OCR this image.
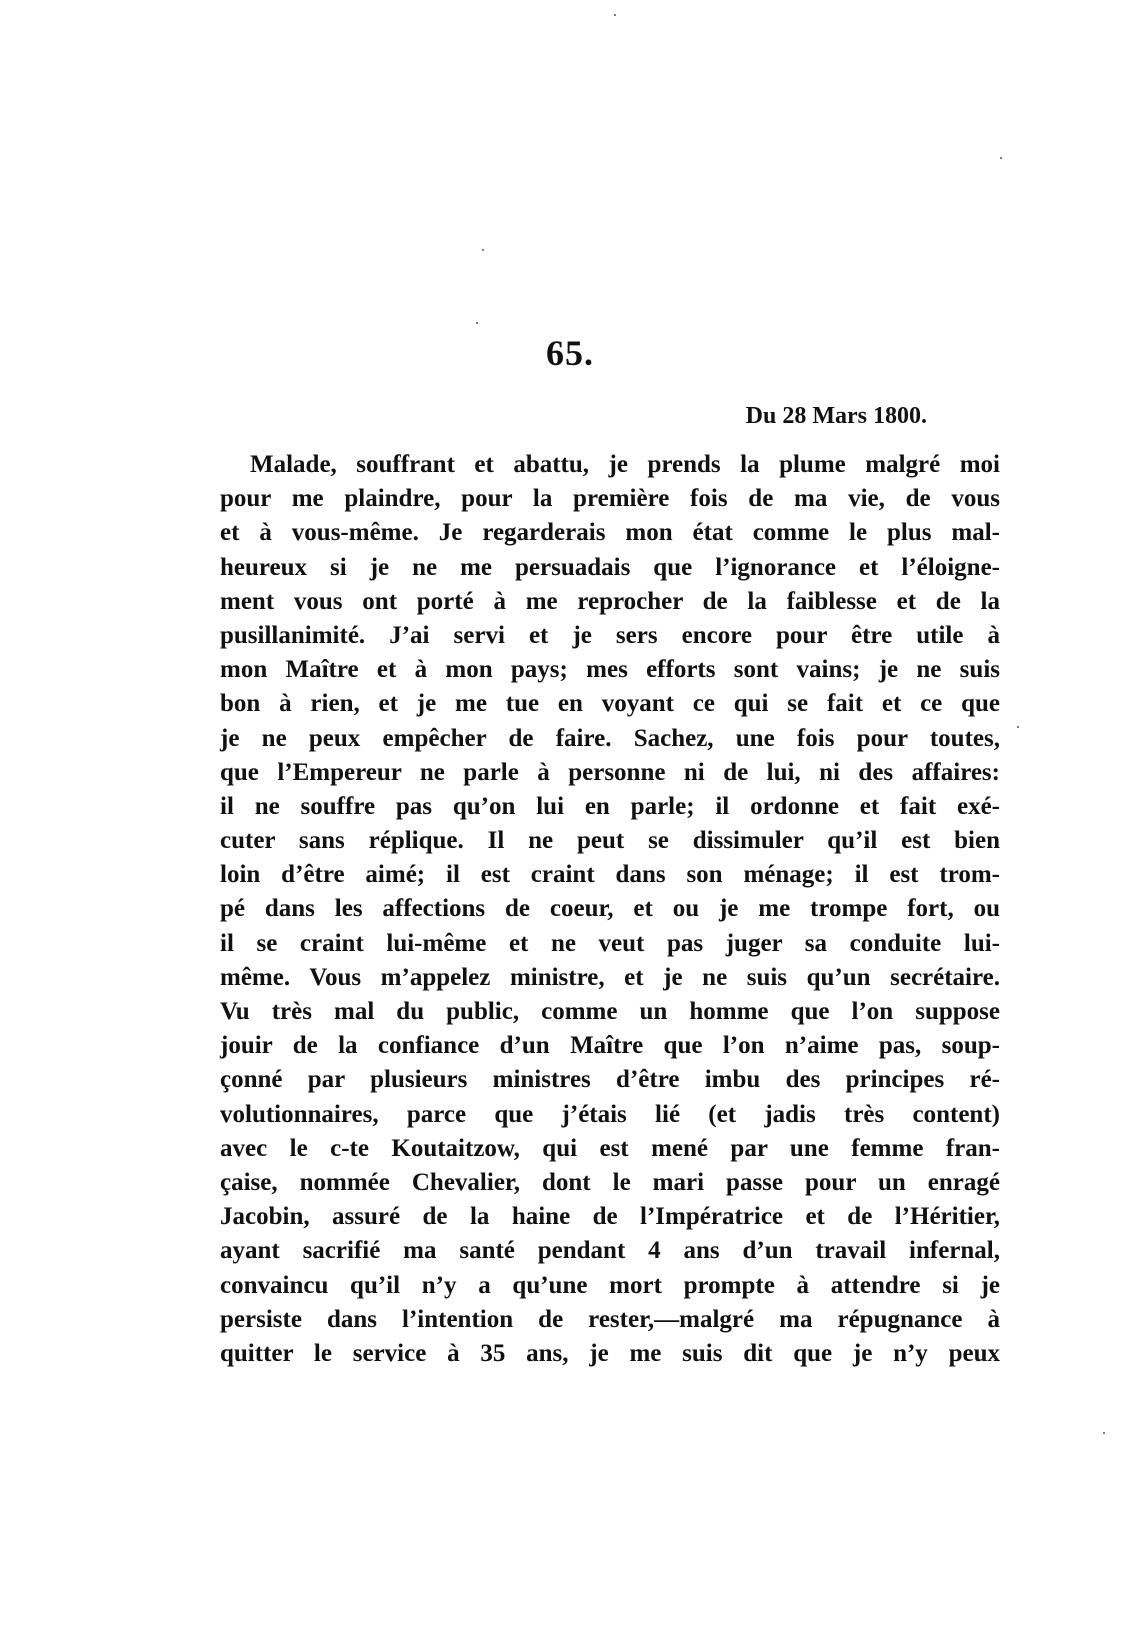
65.
Du 28 Mars 1800.
Malade, souffrant et abattu, je prends la plume malgré moi
pour me plaindre, pour la première fois de ma vie, de vous
et à vous-même. Je regarderais mon état comme le plus mal-
heureux si je ne me persuadais que l’ignorance et l’éloigne-
ment vous ont porté à me reprocher de la faiblesse et de la
pusillanimité. J’ai servi et je sers encore pour être utile à
mon Maître et à mon pays; mes efforts sont vains; je ne suis
bon à rien, et je me tue en voyant ce qui se fait et ce que
je ne peux empêcher de faire. Sachez, une fois pour toutes,
que l’Empereur ne parle à personne ni de lui, ni des affaires:
il ne souffre pas qu’on lui en parle; il ordonne et fait exé-
cuter sans réplique. Il ne peut se dissimuler qu’il est bien
loin d’être aimé; il est craint dans son ménage; il est trom-
pé dans les affections de coeur, et ou je me trompe fort, ou
il se craint lui-même et ne veut pas juger sa conduite lui-
même. Vous m’appelez ministre, et je ne suis qu’un secrétaire.
Vu très mal du public, comme un homme que l’on suppose
jouir de la confiance d’un Maître que l’on n’aime pas, soup-
çonné par plusieurs ministres d’être imbu des principes ré-
volutionnaires, parce que j’étais lié (et jadis très content)
avec le c-te Koutaitzow, qui est mené par une femme fran-
çaise, nommée Chevalier, dont le mari passe pour un enragé
Jacobin, assuré de la haine de l’Impératrice et de l’Héritier,
ayant sacrifié ma santé pendant 4 ans d’un travail infernal,
convaincu qu’il n’y a qu’une mort prompte à attendre si je
persiste dans l’intention de rester,—malgré ma répugnance à
quitter le service à 35 ans, je me suis dit que je n’y peux
